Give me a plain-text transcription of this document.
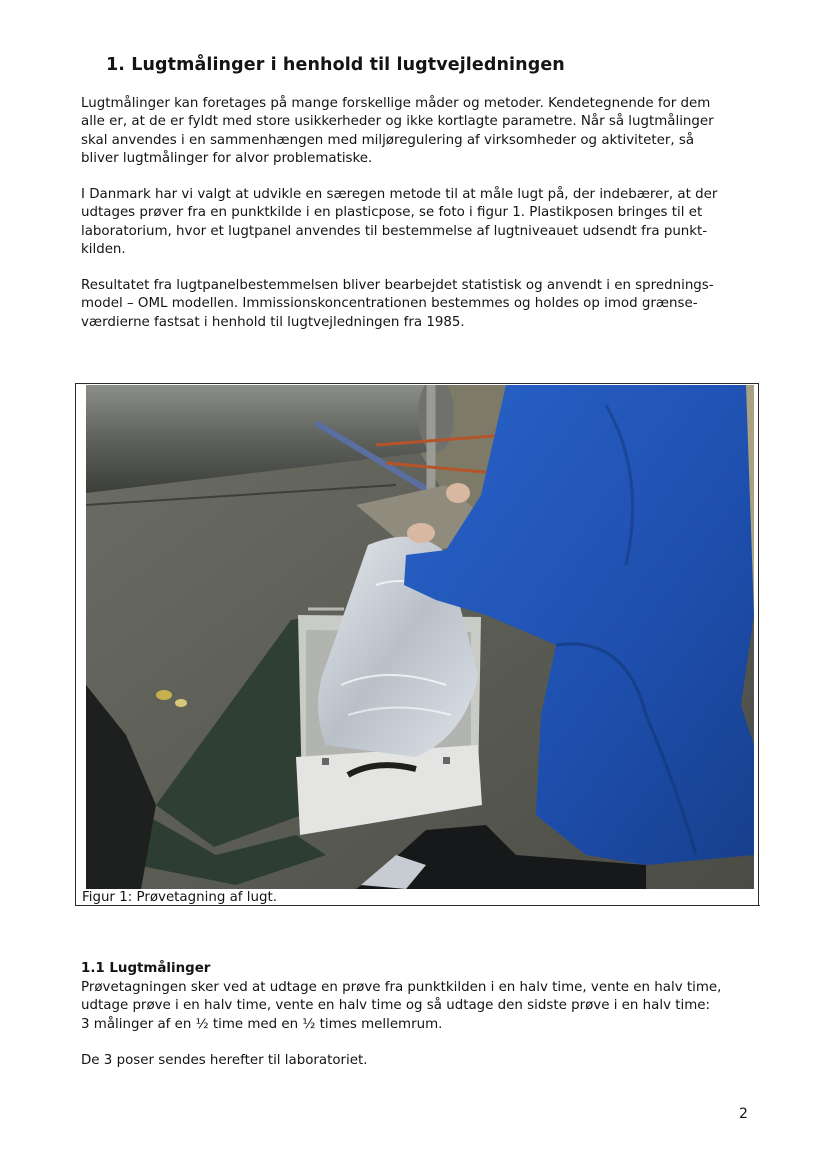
1. Lugtmålinger i henhold til lugtvejledningen
Lugtmålinger kan foretages på mange forskellige måder og metoder. Kendetegnende for dem
alle er, at de er fyldt med store usikkerheder og ikke kortlagte parametre. Når så lugtmålinger
skal anvendes i en sammenhængen med miljøregulering af virksomheder og aktiviteter, så
bliver lugtmålinger for alvor problematiske.
I Danmark har vi valgt at udvikle en særegen metode til at måle lugt på, der indebærer, at der
udtages prøver fra en punktkilde i en plasticpose, se foto i figur 1. Plastikposen bringes til et
laboratorium, hvor et lugtpanel anvendes til bestemmelse af lugtniveauet udsendt fra punkt-
kilden.
Resultatet fra lugtpanelbestemmelsen bliver bearbejdet statistisk og anvendt i en sprednings-
model – OML modellen. Immissionskoncentrationen bestemmes og holdes op imod grænse-
værdierne fastsat i henhold til lugtvejledningen fra 1985.
Figur 1: Prøvetagning af lugt.
1.1 Lugtmålinger
Prøvetagningen sker ved at udtage en prøve fra punktkilden i en halv time, vente en halv time,
udtage prøve i en halv time, vente en halv time og så udtage den sidste prøve i en halv time:
3 målinger af en ½ time med en ½ times mellemrum.
De 3 poser sendes herefter til laboratoriet.
2
